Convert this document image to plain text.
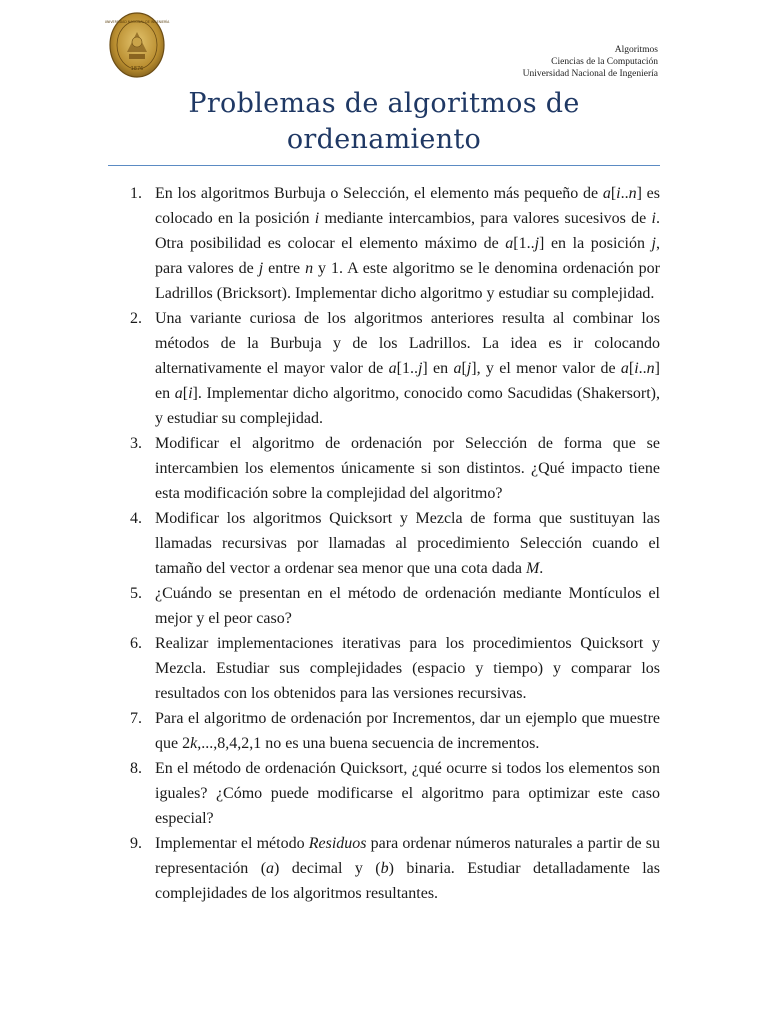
1876
UNIVERSIDAD NACIONAL DE INGENIERÍA
Algoritmos
Ciencias de la Computación
Universidad Nacional de Ingeniería
Problemas de algoritmos de
ordenamiento
1. En los algoritmos Burbuja o Selección, el elemento más pequeño de a[i..n] es colocado en la posición i mediante intercambios, para valores sucesivos de i. Otra posibilidad es colocar el elemento máximo de a[1..j] en la posición j, para valores de j entre n y 1. A este algoritmo se le denomina ordenación por Ladrillos (Bricksort). Implementar dicho algoritmo y estudiar su complejidad.
2. Una variante curiosa de los algoritmos anteriores resulta al combinar los métodos de la Burbuja y de los Ladrillos. La idea es ir colocando alternativamente el mayor valor de a[1..j] en a[j], y el menor valor de a[i..n] en a[i]. Implementar dicho algoritmo, conocido como Sacudidas (Shakersort), y estudiar su complejidad.
3. Modificar el algoritmo de ordenación por Selección de forma que se intercambien los elementos únicamente si son distintos. ¿Qué impacto tiene esta modificación sobre la complejidad del algoritmo?
4. Modificar los algoritmos Quicksort y Mezcla de forma que sustituyan las llamadas recursivas por llamadas al procedimiento Selección cuando el tamaño del vector a ordenar sea menor que una cota dada M.
5. ¿Cuándo se presentan en el método de ordenación mediante Montículos el mejor y el peor caso?
6. Realizar implementaciones iterativas para los procedimientos Quicksort y Mezcla. Estudiar sus complejidades (espacio y tiempo) y comparar los resultados con los obtenidos para las versiones recursivas.
7. Para el algoritmo de ordenación por Incrementos, dar un ejemplo que muestre que 2k,...,8,4,2,1 no es una buena secuencia de incrementos.
8. En el método de ordenación Quicksort, ¿qué ocurre si todos los elementos son iguales? ¿Cómo puede modificarse el algoritmo para optimizar este caso especial?
9. Implementar el método Residuos para ordenar números naturales a partir de su representación (a) decimal y (b) binaria. Estudiar detalladamente las complejidades de los algoritmos resultantes.
